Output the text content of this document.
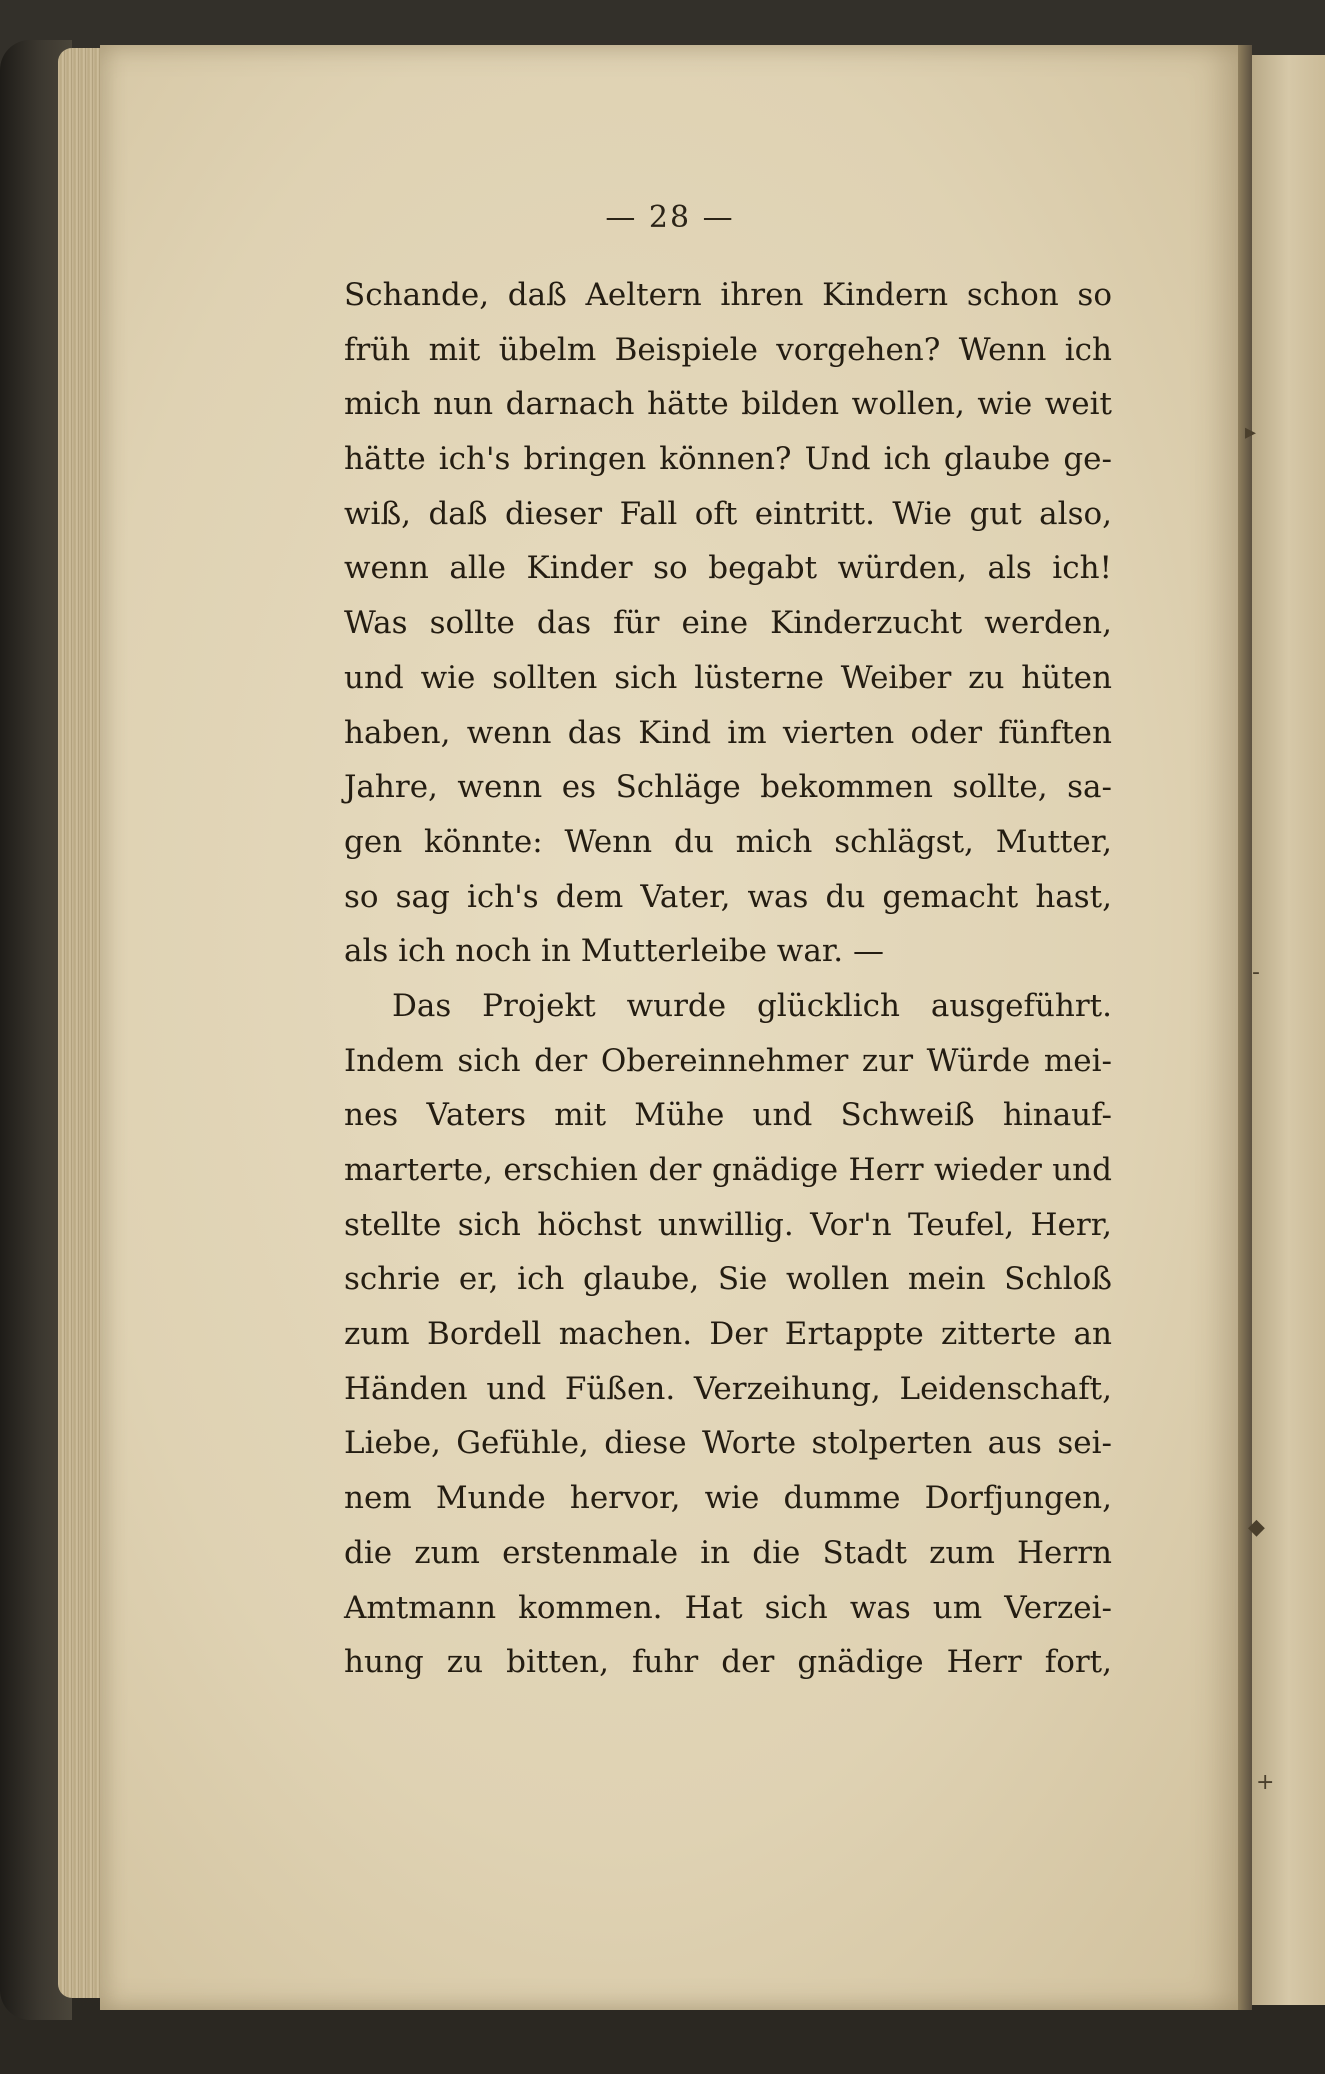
— 28 —
Schande, daß Aeltern ihren Kindern schon so
früh mit übelm Beispiele vorgehen? Wenn ich
mich nun darnach hätte bilden wollen, wie weit
hätte ich's bringen können? Und ich glaube ge-
wiß, daß dieser Fall oft eintritt. Wie gut also,
wenn alle Kinder so begabt würden, als ich!
Was sollte das für eine Kinderzucht werden,
und wie sollten sich lüsterne Weiber zu hüten
haben, wenn das Kind im vierten oder fünften
Jahre, wenn es Schläge bekommen sollte, sa-
gen könnte: Wenn du mich schlägst, Mutter,
so sag ich's dem Vater, was du gemacht hast,
als ich noch in Mutterleibe war. —
Das Projekt wurde glücklich ausgeführt.
Indem sich der Obereinnehmer zur Würde mei-
nes Vaters mit Mühe und Schweiß hinauf-
marterte, erschien der gnädige Herr wieder und
stellte sich höchst unwillig. Vor'n Teufel, Herr,
schrie er, ich glaube, Sie wollen mein Schloß
zum Bordell machen. Der Ertappte zitterte an
Händen und Füßen. Verzeihung, Leidenschaft,
Liebe, Gefühle, diese Worte stolperten aus sei-
nem Munde hervor, wie dumme Dorfjungen,
die zum erstenmale in die Stadt zum Herrn
Amtmann kommen. Hat sich was um Verzei-
hung zu bitten, fuhr der gnädige Herr fort,
▸
-
◆
+
